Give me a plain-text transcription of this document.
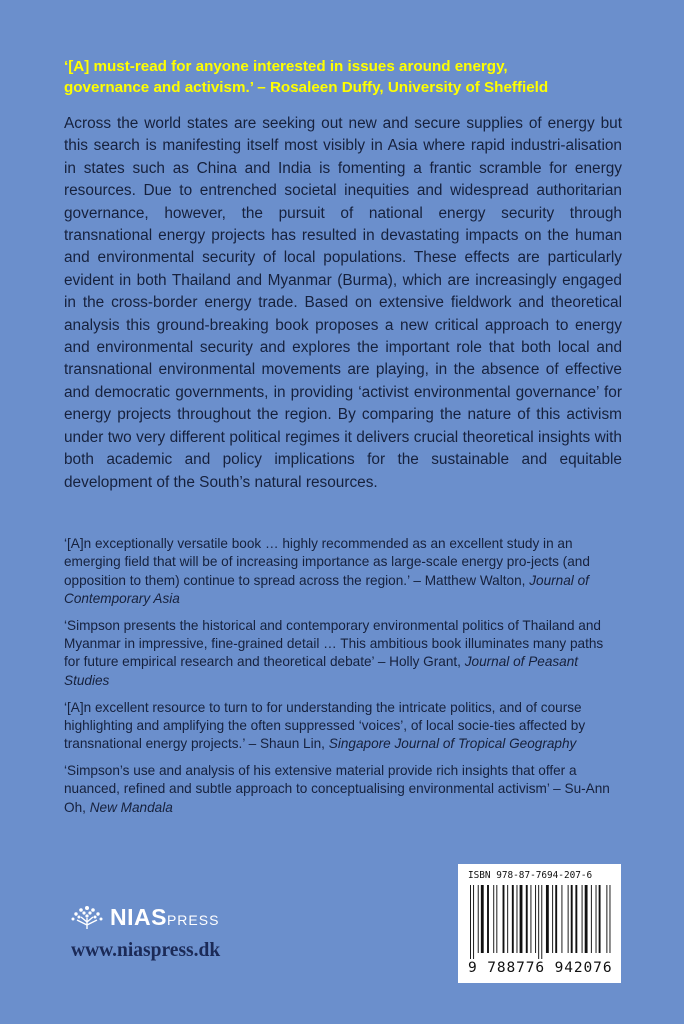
‘[A] must-read for anyone interested in issues around energy,
governance and activism.’ – Rosaleen Duffy, University of Sheffield
Across the world states are seeking out new and secure supplies of energy but this search is manifesting itself most visibly in Asia where rapid industri-alisation in states such as China and India is fomenting a frantic scramble for energy resources. Due to entrenched societal inequities and widespread authoritarian governance, however, the pursuit of national energy security through transnational energy projects has resulted in devastating impacts on the human and environmental security of local populations. These effects are particularly evident in both Thailand and Myanmar (Burma), which are increasingly engaged in the cross-border energy trade. Based on extensive fieldwork and theoretical analysis this ground-breaking book proposes a new critical approach to energy and environmental security and explores the important role that both local and transnational environmental movements are playing, in the absence of effective and democratic governments, in providing ‘activist environmental governance’ for energy projects throughout the region. By comparing the nature of this activism under two very different political regimes it delivers crucial theoretical insights with both academic and policy implications for the sustainable and equitable development of the South’s natural resources.

‘[A]n exceptionally versatile book … highly recommended as an excellent study in an emerging field that will be of increasing importance as large-scale energy pro-jects (and opposition to them) continue to spread across the region.’ – Matthew Walton, Journal of Contemporary Asia

‘Simpson presents the historical and contemporary environmental politics of Thailand and Myanmar in impressive, fine-grained detail … This ambitious book illuminates many paths for future empirical research and theoretical debate’ – Holly Grant, Journal of Peasant Studies

‘[A]n excellent resource to turn to for understanding the intricate politics, and of course highlighting and amplifying the often suppressed ‘voices’, of local socie-ties affected by transnational energy projects.’ – Shaun Lin, Singapore Journal of Tropical Geography

‘Simpson’s use and analysis of his extensive material provide rich insights that offer a nuanced, refined and subtle approach to conceptualising environmental activism’ – Su-Ann Oh, New Mandala

NIASPRESS
www.niaspress.dk
ISBN 978-87-7694-207-6
9 788776 942076
